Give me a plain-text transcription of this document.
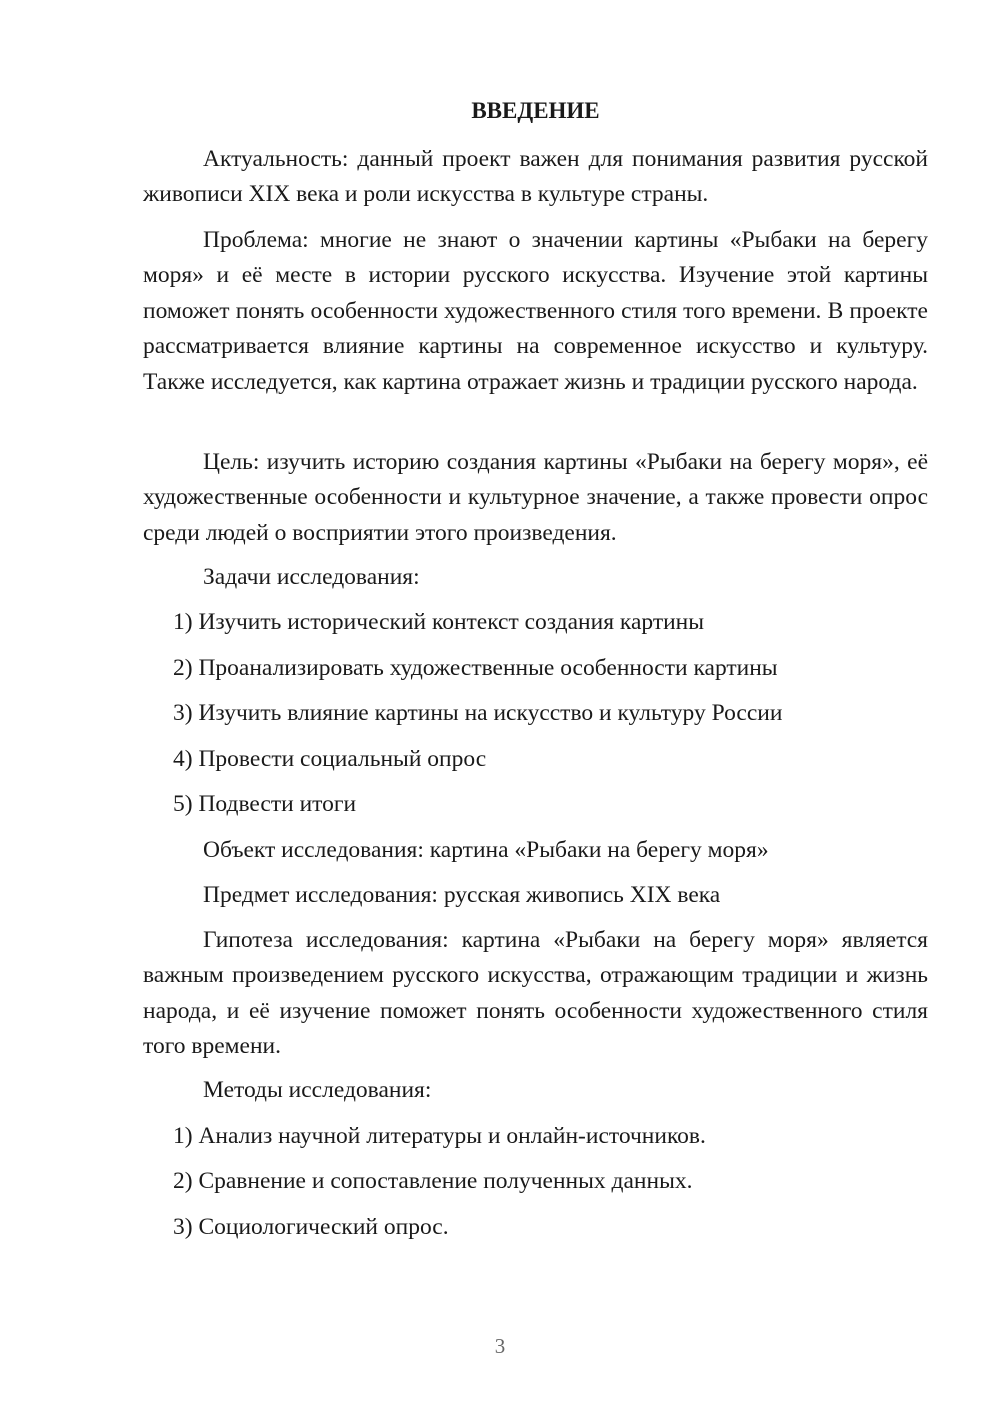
ВВЕДЕНИЕ

Актуальность: данный проект важен для понимания развития русской живописи XIX века и роли искусства в культуре страны.

Проблема: многие не знают о значении картины «Рыбаки на берегу моря» и её месте в истории русского искусства. Изучение этой картины поможет понять особенности художественного стиля того времени. В проекте рассматривается влияние картины на современное искусство и культуру. Также исследуется, как картина отражает жизнь и традиции русского народа.

Цель: изучить историю создания картины «Рыбаки на берегу моря», её художественные особенности и культурное значение, а также провести опрос среди людей о восприятии этого произведения.

Задачи исследования:
1) Изучить исторический контекст создания картины
2) Проанализировать художественные особенности картины
3) Изучить влияние картины на искусство и культуру России
4) Провести социальный опрос
5) Подвести итоги
Объект исследования: картина «Рыбаки на берегу моря»
Предмет исследования: русская живопись XIX века

Гипотеза исследования: картина «Рыбаки на берегу моря» является важным произведением русского искусства, отражающим традиции и жизнь народа, и её изучение поможет понять особенности художественного стиля того времени.

Методы исследования:
1) Анализ научной литературы и онлайн-источников.
2) Сравнение и сопоставление полученных данных.
3) Социологический опрос.
3
